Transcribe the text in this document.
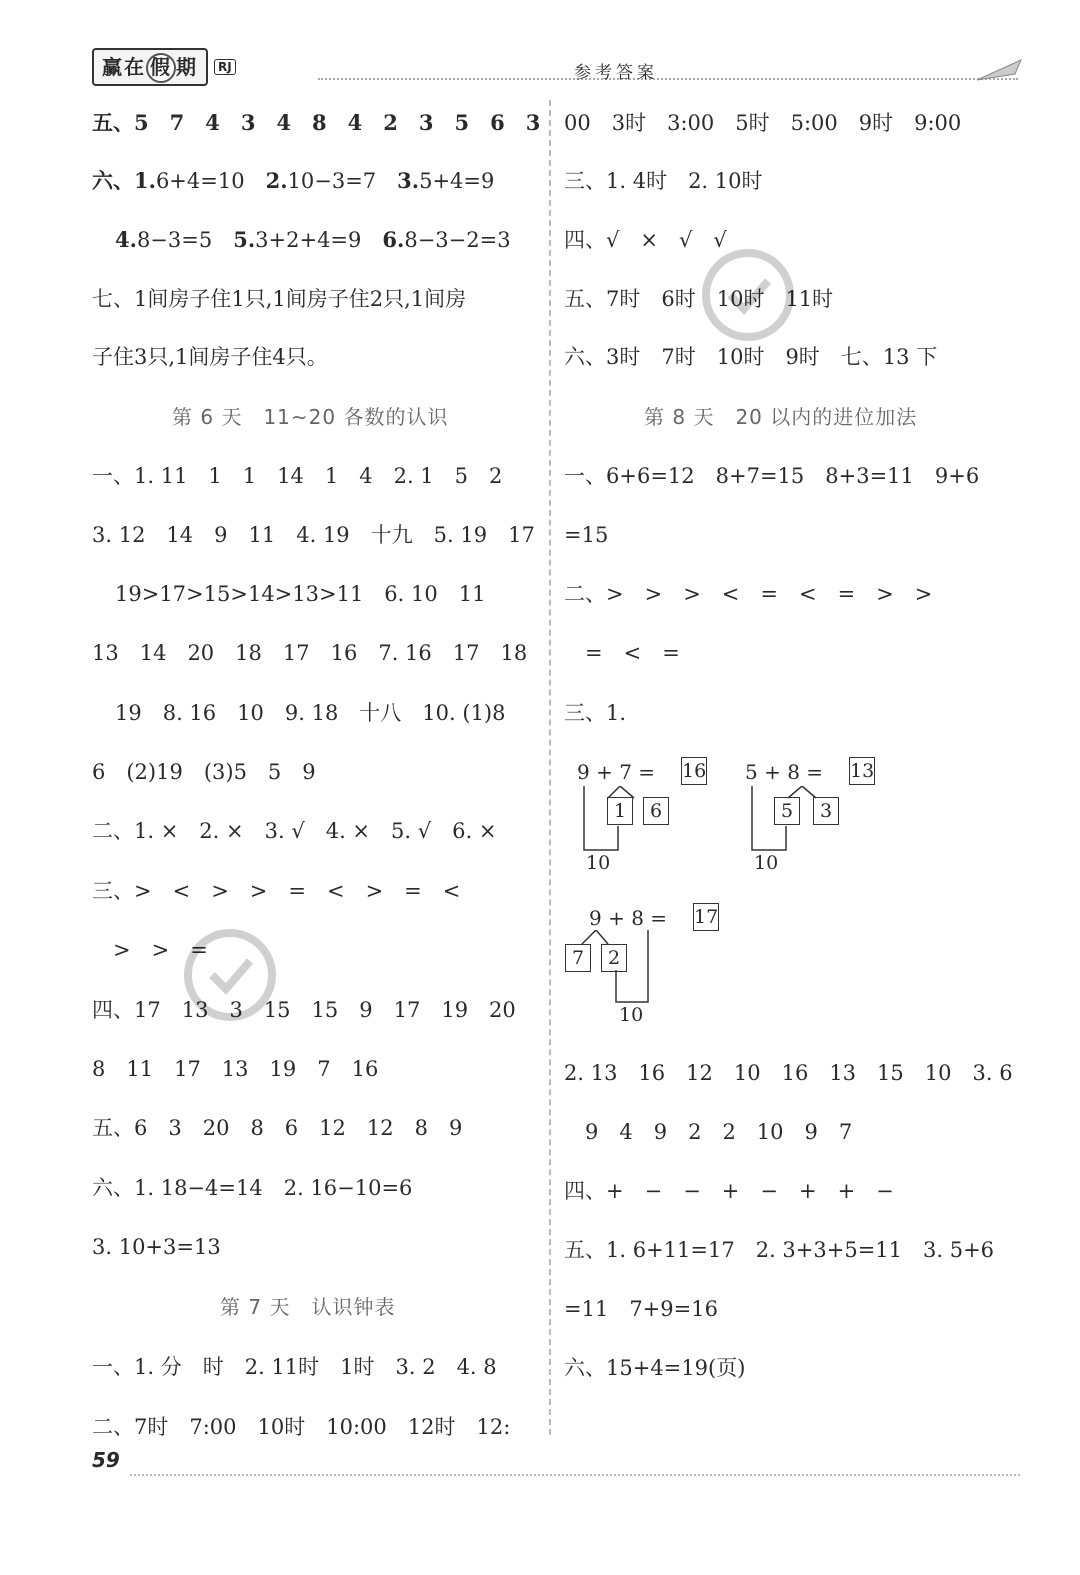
赢在 假 期	RJ	参考答案
五、5　7　4　3　4　8　4　2　3　5　6　3
六、1.6+4=10　2.10−3=7　3.5+4=9
4.8−3=5　5.3+2+4=9　6.8−3−2=3
七、1间房子住1只,1间房子住2只,1间房
子住3只,1间房子住4只。
第 6 天　11~20 各数的认识
一、1. 11　1　1　14　1　4　2. 1　5　2
3. 12　14　9　11　4. 19　十九　5. 19　17
19>17>15>14>13>11　6. 10　11
13　14　20　18　17　16　7. 16　17　18
19　8. 16　10　9. 18　十八　10. (1)8
6　(2)19　(3)5　5　9
二、1. ×　2. ×　3. √　4. ×　5. √　6. ×
三、>　<　>　>　=　<　>　=　<
　>　>　=
四、17　13　3　15　15　9　17　19　20
8　11　17　13　19　7　16
五、6　3　20　8　6　12　12　8　9
六、1. 18−4=14　2. 16−10=6
3. 10+3=13
第 7 天　认识钟表
一、1. 分　时　2. 11时　1时　3. 2　4. 8
二、7时　7:00　10时　10:00　12时　12:
00　3时　3:00　5时　5:00　9时　9:00
三、1. 4时　2. 10时
四、√　×　√　√
五、7时　6时　10时　11时
六、3时　7时　10时　9时　七、13 下
第 8 天　20 以内的进位加法
一、6+6=12　8+7=15　8+3=11　9+6
=15
二、>　>　>　<　=　<　=　>　>
　=　<　=
三、1.
9 + 7 = 16
1	6
10
5 + 8 = 13
5	3
10
9 + 8 = 17
7	2
10
2. 13　16　12　10　16　13　15　10　3. 6
　9　4　9　2　2　10　9　7
四、+　−　−　+　−　+　+　−
五、1. 6+11=17　2. 3+3+5=11　3. 5+6
=11　7+9=16
六、15+4=19(页)
59
